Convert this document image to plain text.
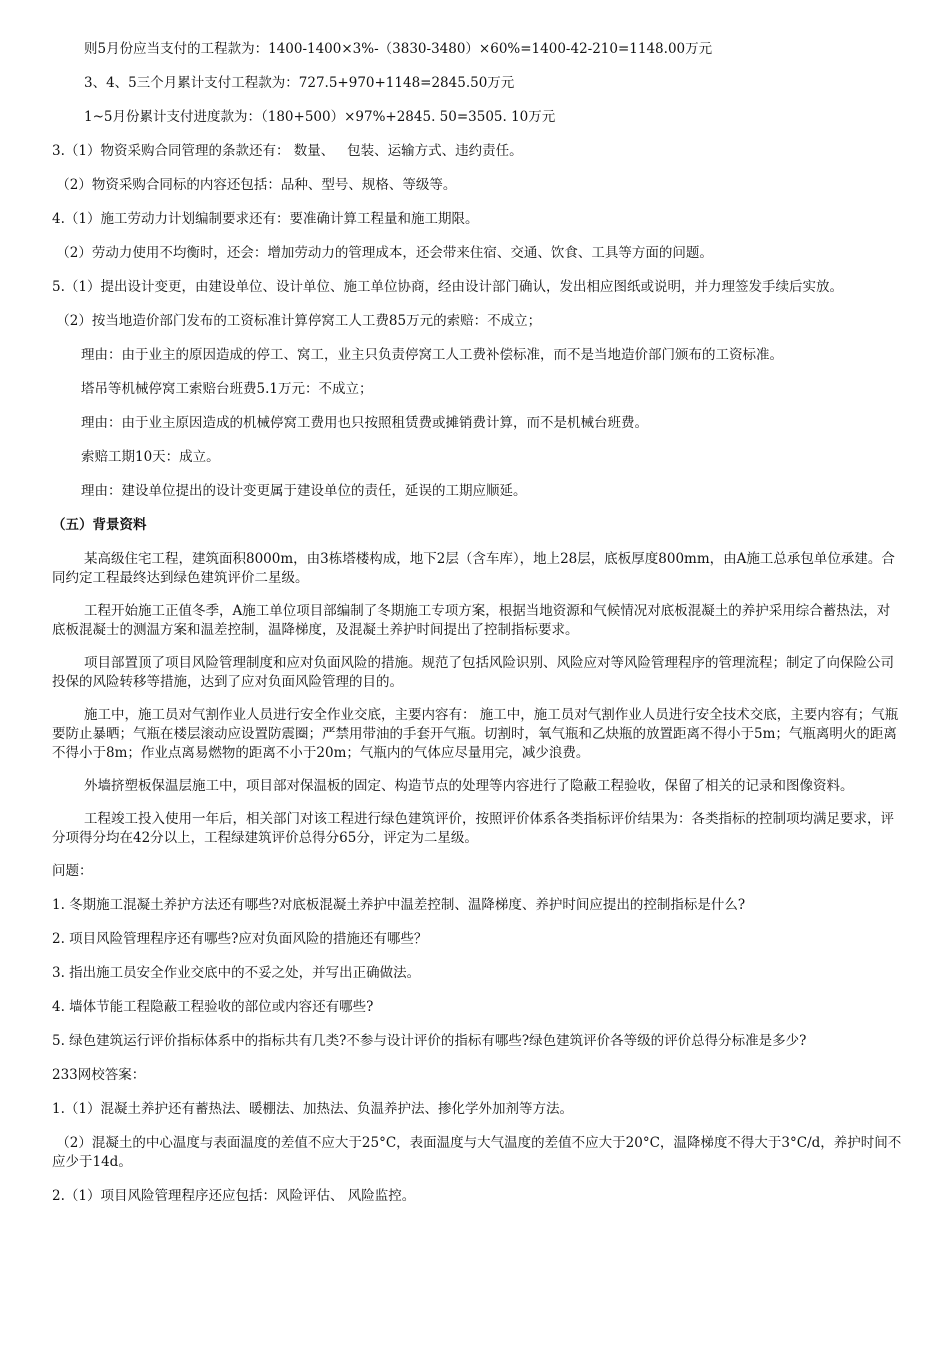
则5月份应当支付的工程款为：1400-1400×3%-（3830-3480）×60%=1400-42-210=1148.00万元
3、4、5三个月累计支付工程款为：727.5+970+1148=2845.50万元
1~5月份累计支付进度款为：（180+500）×97%+2845. 50=3505. 10万元
3.（1）物资采购合同管理的条款还有： 数量、   包装、运输方式、违约责任。
（2）物资采购合同标的内容还包括：品种、型号、规格、等级等。
4.（1）施工劳动力计划编制要求还有：要准确计算工程量和施工期限。
（2）劳动力使用不均衡时，还会：增加劳动力的管理成本，还会带来住宿、交通、饮食、工具等方面的问题。
5.（1）提出设计变更，由建设单位、设计单位、施工单位协商，经由设计部门确认，发出相应图纸或说明，并力理签发手续后实放。
（2）按当地造价部门发布的工资标准计算停窝工人工费85万元的索赔：不成立；
理由：由于业主的原因造成的停工、窝工，业主只负责停窝工人工费补偿标准，而不是当地造价部门颁布的工资标准。
塔吊等机械停窝工索赔台班费5.1万元：不成立；
理由：由于业主原因造成的机械停窝工费用也只按照租赁费或摊销费计算，而不是机械台班费。
索赔工期10天：成立。
理由：建设单位提出的设计变更属于建设单位的责任，延误的工期应顺延。
（五）背景资料
某高级住宅工程，建筑面积8000m，由3栋塔楼构成，地下2层（含车库），地上28层，底板厚度800mm，由A施工总承包单位承建。合同约定工程最终达到绿色建筑评价二星级。
工程开始施工正值冬季，A施工单位项目部编制了冬期施工专项方案，根据当地资源和气候情况对底板混凝土的养护采用综合蓄热法，对底板混凝士的测温方案和温差控制，温降梯度，及混凝土养护时间提出了控制指标要求。
项目部置顶了项目风险管理制度和应对负面风险的措施。规范了包括风险识别、风险应对等风险管理程序的管理流程；制定了向保险公司投保的风险转移等措施，达到了应对负面风险管理的目的。
施工中，施工员对气割作业人员进行安全作业交底，主要内容有： 施工中，施工员对气割作业人员进行安全技术交底，主要内容有；气瓶要防止暴晒；气瓶在楼层滚动应设置防震圈；严禁用带油的手套开气瓶。切割时，氧气瓶和乙炔瓶的放置距离不得小于5m；气瓶离明火的距离不得小于8m；作业点离易燃物的距离不小于20m；气瓶内的气体应尽量用完，减少浪费。
外墙挤塑板保温层施工中，项目部对保温板的固定、构造节点的处理等内容进行了隐蔽工程验收，保留了相关的记录和图像资料。
工程竣工投入使用一年后，相关部门对该工程进行绿色建筑评价，按照评价体系各类指标评价结果为：各类指标的控制项均满足要求，评分项得分均在42分以上，工程绿建筑评价总得分65分，评定为二星级。
问题：
1. 冬期施工混凝土养护方法还有哪些?对底板混凝土养护中温差控制、温降梯度、养护时间应提出的控制指标是什么?
2. 项目风险管理程序还有哪些?应对负面风险的措施还有哪些？
3. 指出施工员安全作业交底中的不妥之处，并写出正确做法。
4. 墙体节能工程隐蔽工程验收的部位或内容还有哪些?
5. 绿色建筑运行评价指标体系中的指标共有几类?不参与设计评价的指标有哪些?绿色建筑评价各等级的评价总得分标准是多少?
233网校答案：
1.（1）混凝土养护还有蓄热法、暖棚法、加热法、负温养护法、掺化学外加剂等方法。
（2）混凝土的中心温度与表面温度的差值不应大于25°C，表面温度与大气温度的差值不应大于20°C，温降梯度不得大于3°C/d，养护时间不应少于14d。
2.（1）项目风险管理程序还应包括：风险评估、 风险监控。
